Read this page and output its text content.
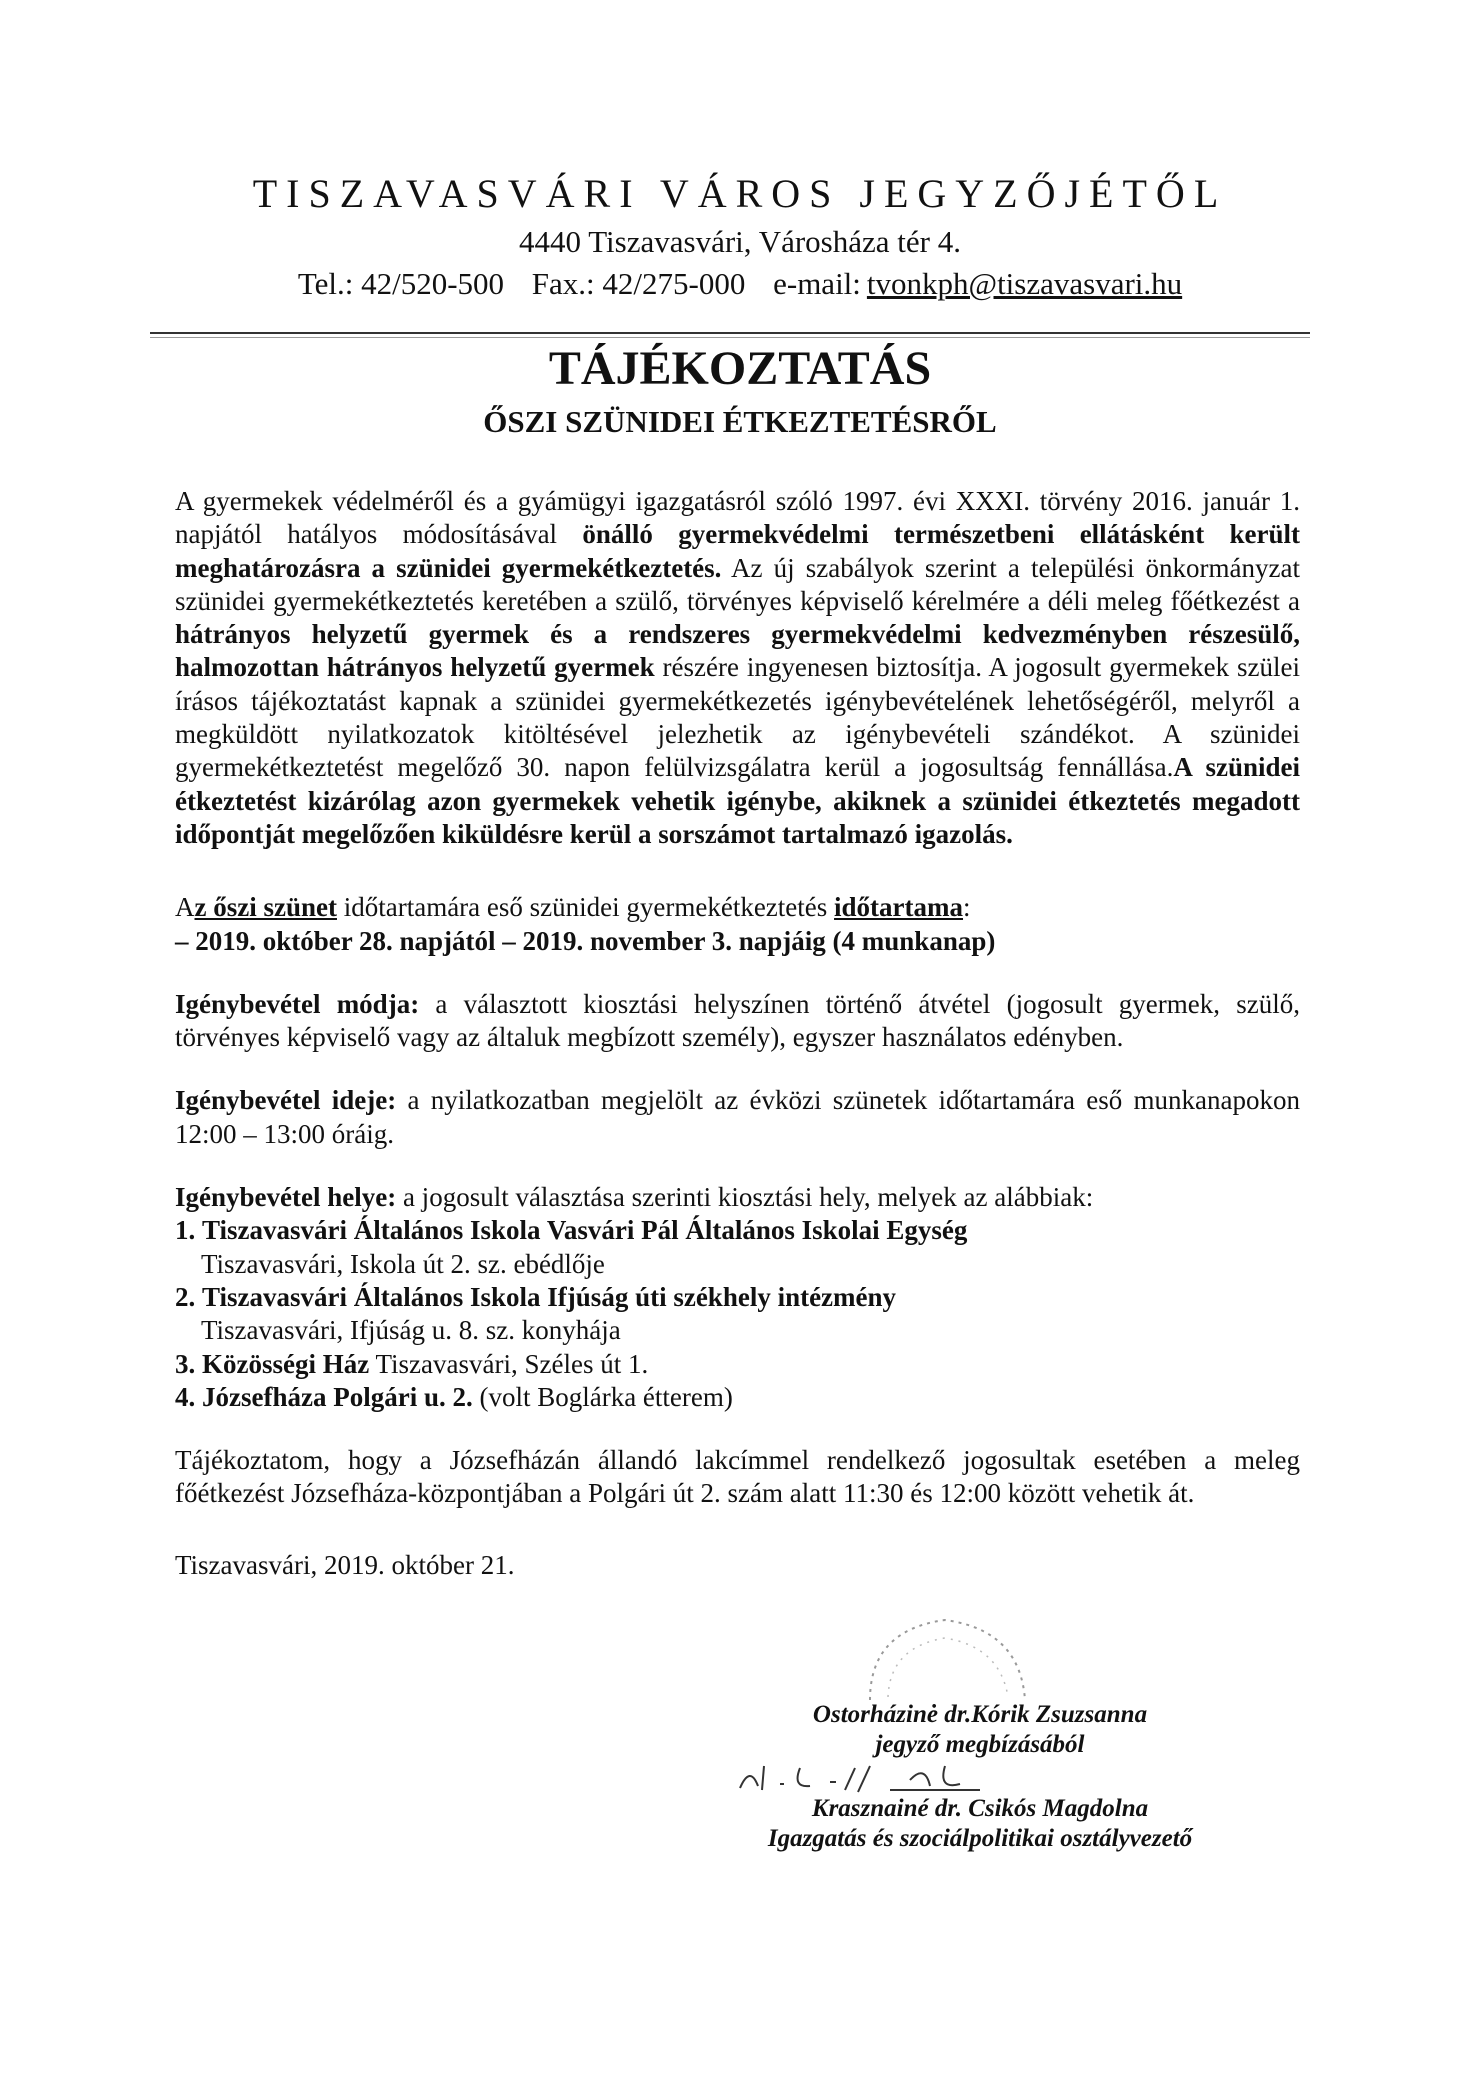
TISZAVASVÁRI VÁROS JEGYZŐJÉTŐL

4440 Tiszavasvári, Városháza tér 4.

Tel.: 42/520-500 Fax.: 42/275-000 e-mail: tvonkph@tiszavasvari.hu

TÁJÉKOZTATÁS

ŐSZI SZÜNIDEI ÉTKEZTETÉSRŐL

A gyermekek védelméről és a gyámügyi igazgatásról szóló 1997. évi XXXI. törvény 2016. január 1. napjától hatályos módosításával önálló gyermekvédelmi természetbeni ellátásként került meghatározásra a szünidei gyermekétkeztetés. Az új szabályok szerint a települési önkormányzat szünidei gyermekétkeztetés keretében a szülő, törvényes képviselő kérelmére a déli meleg főétkezést a hátrányos helyzetű gyermek és a rendszeres gyermekvédelmi kedvezményben részesülő, halmozottan hátrányos helyzetű gyermek részére ingyenesen biztosítja. A jogosult gyermekek szülei írásos tájékoztatást kapnak a szünidei gyermekétkezetés igénybevételének lehetőségéről, melyről a megküldött nyilatkozatok kitöltésével jelezhetik az igénybevételi szándékot. A szünidei gyermekétkeztetést megelőző 30. napon felülvizsgálatra kerül a jogosultság fennállása.A szünidei étkeztetést kizárólag azon gyermekek vehetik igénybe, akiknek a szünidei étkeztetés megadott időpontját megelőzően kiküldésre kerül a sorszámot tartalmazó igazolás.

Az őszi szünet időtartamára eső szünidei gyermekétkeztetés időtartama:
– 2019. október 28. napjától – 2019. november 3. napjáig (4 munkanap)

Igénybevétel módja: a választott kiosztási helyszínen történő átvétel (jogosult gyermek, szülő, törvényes képviselő vagy az általuk megbízott személy), egyszer használatos edényben.

Igénybevétel ideje: a nyilatkozatban megjelölt az évközi szünetek időtartamára eső munkanapokon 12:00 – 13:00 óráig.

Igénybevétel helye: a jogosult választása szerinti kiosztási hely, melyek az alábbiak:

1. Tiszavasvári Általános Iskola Vasvári Pál Általános Iskolai Egység
Tiszavasvári, Iskola út 2. sz. ebédlője
2. Tiszavasvári Általános Iskola Ifjúság úti székhely intézmény
Tiszavasvári, Ifjúság u. 8. sz. konyhája
3. Közösségi Ház Tiszavasvári, Széles út 1.
4. Józsefháza Polgári u. 2. (volt Boglárka étterem)

Tájékoztatom, hogy a Józsefházán állandó lakcímmel rendelkező jogosultak esetében a meleg főétkezést Józsefháza-központjában a Polgári út 2. szám alatt 11:30 és 12:00 között vehetik át.

Tiszavasvári, 2019. október 21.

Ostorházinė dr.Kórik Zsuzsanna

jegyző megbízásából

Krasznainé dr. Csikós Magdolna

Igazgatás és szociálpolitikai osztályvezető
